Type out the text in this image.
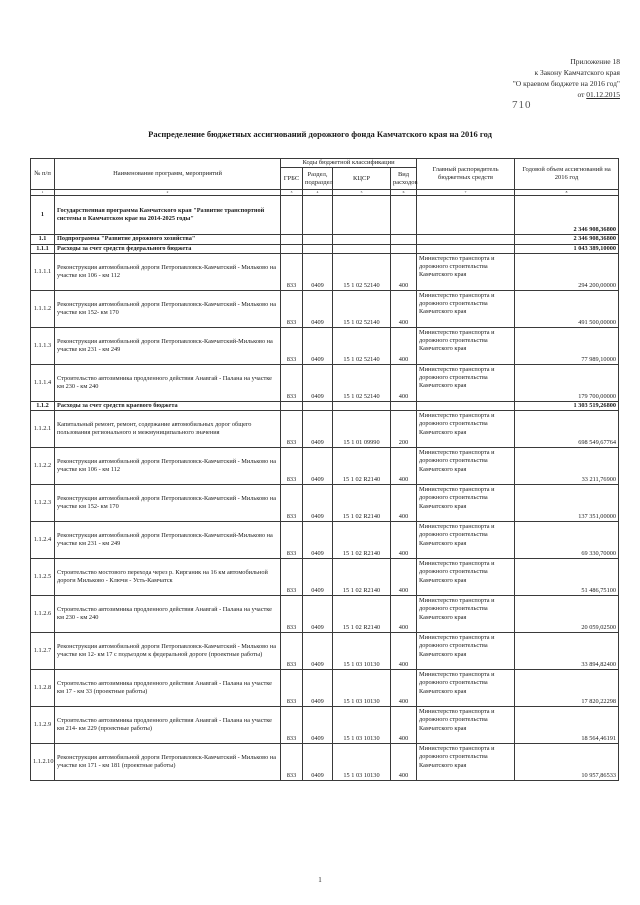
Приложение 18
к Закону Камчатского края
"О краевом бюджете на 2016 год"
от 01.12.2015
710
Распределение бюджетных ассигнований дорожного фонда Камчатского края на 2016 год
№ п/п	Наименование программ, мероприятий	Коды бюджетной классификации				Главный распорядитель бюджетных средств	Годовой объем ассигнований на 2016 год
		ГРБС	Раздел, подраздел	КЦСР	Вид расходов		
1	2	3	4	5	6	7	8
1	Государственная программа Камчатского края "Развитие транспортной системы в Камчатском крае на 2014-2025 годы"						2 346 908,36800
1.1	Подпрограмма "Развитие дорожного хозяйства"						2 346 908,36800
1.1.1	Расходы за счет средств федерального бюджета						1 043 389,10000
1.1.1.1	Реконструкция автомобильной дороги Петропавловск-Камчатский - Мильково на участке км 106 - км 112	833	0409	15 1 02 52140	400	Министерство транспорта и дорожного строительства Камчатского края	294 200,00000
1.1.1.2	Реконструкция автомобильной дороги Петропавловск-Камчатский - Мильково на участке км 152- км 170	833	0409	15 1 02 52140	400	Министерство транспорта и дорожного строительства Камчатского края	491 500,00000
1.1.1.3	Реконструкция автомобильной дороги Петропавловск-Камчатский-Мильково на участке км 231 - км 249	833	0409	15 1 02 52140	400	Министерство транспорта и дорожного строительства Камчатского края	77 989,10000
1.1.1.4	Строительство автозимника продленного действия Анавгай - Палана на участке км 230 - км 240	833	0409	15 1 02 52140	400	Министерство транспорта и дорожного строительства Камчатского края	179 700,00000
1.1.2	Расходы за счет средств краевого бюджета						1 303 519,26800
1.1.2.1	Капитальный ремонт, ремонт, содержание автомобильных дорог общего пользования регионального и межмуниципального значения	833	0409	15 1 01 09990	200	Министерство транспорта и дорожного строительства Камчатского края	698 549,67764
1.1.2.2	Реконструкция автомобильной дороги Петропавловск-Камчатский - Мильково на участке км 106 - км 112	833	0409	15 1 02 R2140	400	Министерство транспорта и дорожного строительства Камчатского края	33 211,76900
1.1.2.3	Реконструкция автомобильной дороги Петропавловск-Камчатский - Мильково на участке км 152- км 170	833	0409	15 1 02 R2140	400	Министерство транспорта и дорожного строительства Камчатского края	137 351,00000
1.1.2.4	Реконструкция автомобильной дороги Петропавловск-Камчатский-Мильково на участке км 231 - км 249	833	0409	15 1 02 R2140	400	Министерство транспорта и дорожного строительства Камчатского края	69 330,70000
1.1.2.5	Строительство мостового перехода через р. Кирганик на 16 км автомобильной дороги Мильково - Ключи - Усть-Камчатск	833	0409	15 1 02 R2140	400	Министерство транспорта и дорожного строительства Камчатского края	51 486,75100
1.1.2.6	Строительство автозимника продленного действия Анавгай - Палана на участке км 230 - км 240	833	0409	15 1 02 R2140	400	Министерство транспорта и дорожного строительства Камчатского края	20 059,02500
1.1.2.7	Реконструкция автомобильной дороги Петропавловск-Камчатский - Мильково на участке км 12- км 17 с подъездом к федеральной дороге (проектные работы)	833	0409	15 1 03 10130	400	Министерство транспорта и дорожного строительства Камчатского края	33 894,82400
1.1.2.8	Строительство автозимника продленного действия Анавгай - Палана на участке км 17 - км 33 (проектные работы)	833	0409	15 1 03 10130	400	Министерство транспорта и дорожного строительства Камчатского края	17 820,22298
1.1.2.9	Строительство автозимника продленного действия Анавгай - Палана на участке км 214- км 229 (проектные работы)	833	0409	15 1 03 10130	400	Министерство транспорта и дорожного строительства Камчатского края	18 564,46191
1.1.2.10	Реконструкция автомобильной дороги Петропавловск-Камчатский - Мильково на участке км 171 - км 181 (проектные работы)	833	0409	15 1 03 10130	400	Министерство транспорта и дорожного строительства Камчатского края	10 957,86533
1
